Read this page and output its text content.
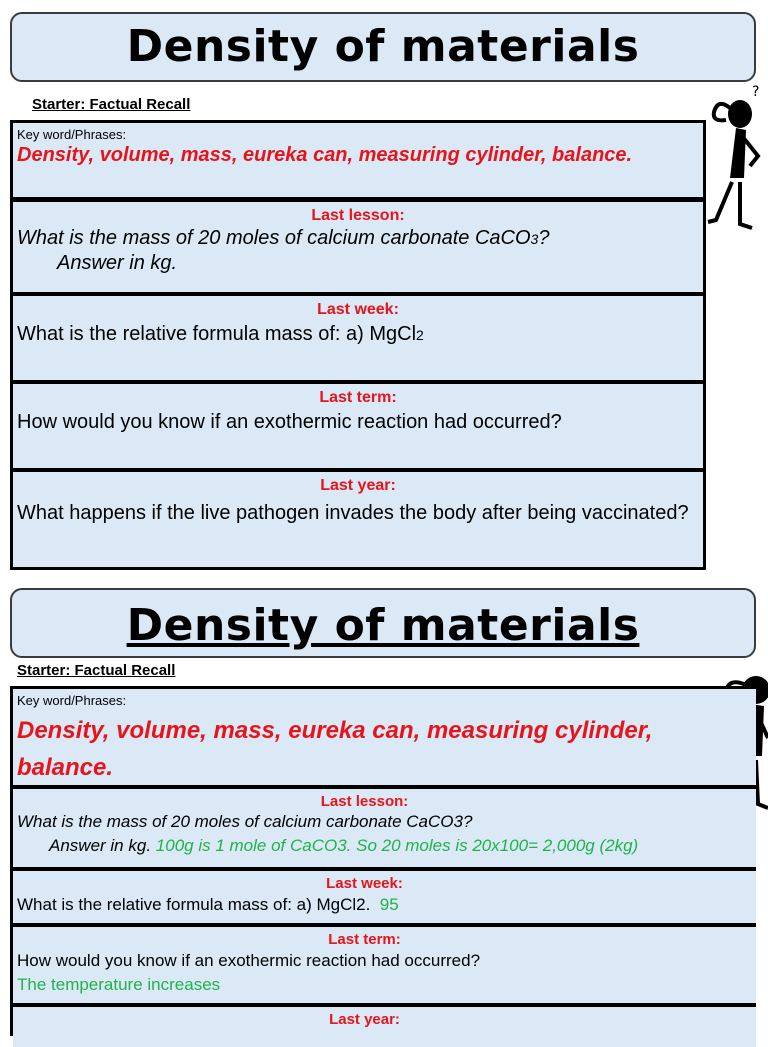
Density of materials
Starter: Factual Recall
?
Key word/Phrases:
Density, volume, mass, eureka can, measuring cylinder, balance.
Last lesson:
What is the mass of 20 moles of calcium carbonate CaCO3?
Answer in kg.
Last week:
What is the relative formula mass of: a) MgCl2
Last term:
How would you know if an exothermic reaction had occurred?
Last year:
What happens if the live pathogen invades the body after being vaccinated?
Density of materials
Starter: Factual Recall
Key word/Phrases:
Density, volume, mass, eureka can, measuring cylinder, balance.
Last lesson:
What is the mass of 20 moles of calcium carbonate CaCO3?
Answer in kg. 100g is 1 mole of CaCO3. So 20 moles is 20x100= 2,000g (2kg)
Last week:
What is the relative formula mass of: a) MgCl2. 95
Last term:
How would you know if an exothermic reaction had occurred?
The temperature increases
Last year:
